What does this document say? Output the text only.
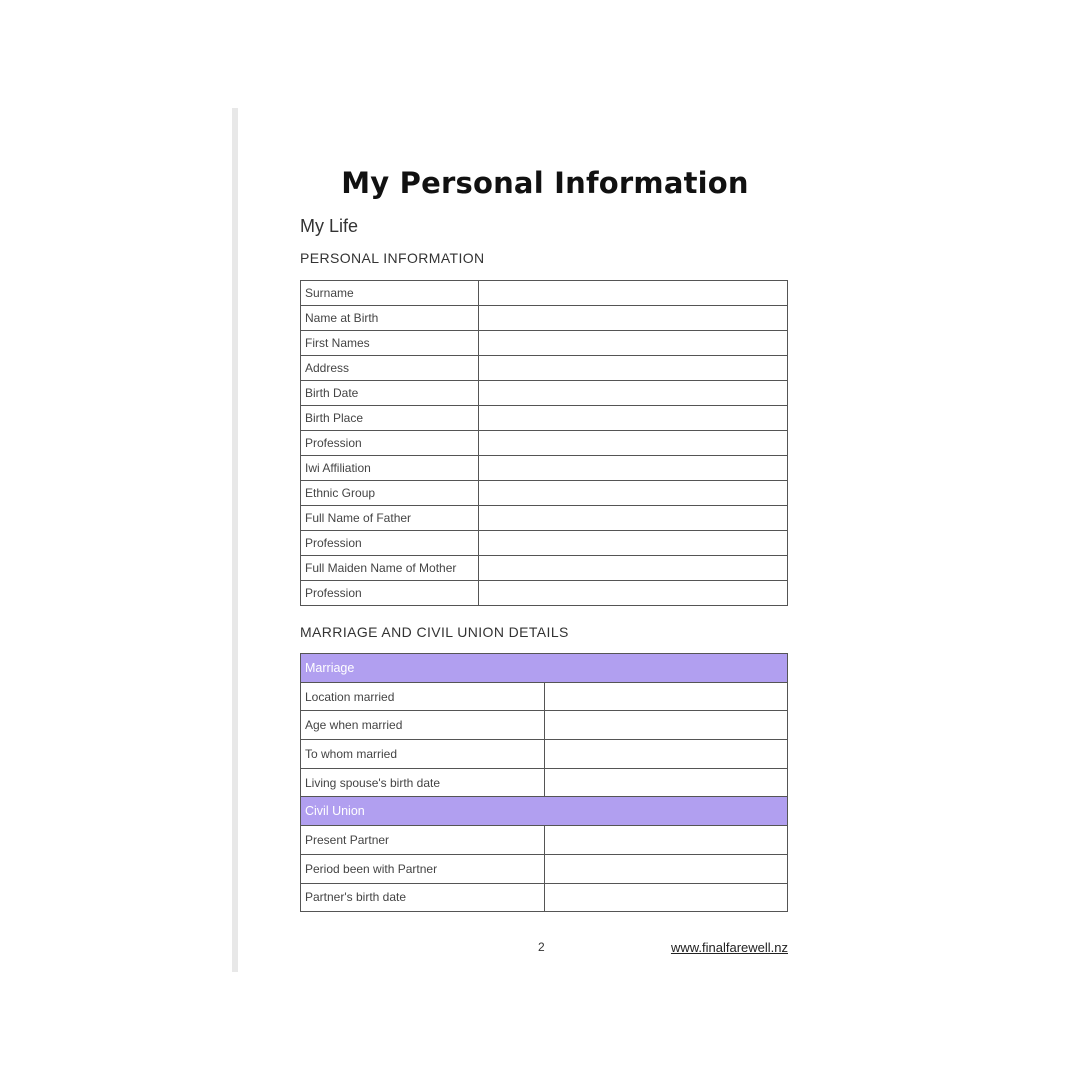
My Personal Information
My Life
PERSONAL INFORMATION
Surname	
Name at Birth	
First Names	
Address	
Birth Date	
Birth Place	
Profession	
Iwi Affiliation	
Ethnic Group	
Full Name of Father	
Profession	
Full Maiden Name of Mother	
Profession	
MARRIAGE AND CIVIL UNION DETAILS
Marriage	
Location married	
Age when married	
To whom married	
Living spouse's birth date	
Civil Union	
Present Partner	
Period been with Partner	
Partner's birth date	
2	www.finalfarewell.nz
